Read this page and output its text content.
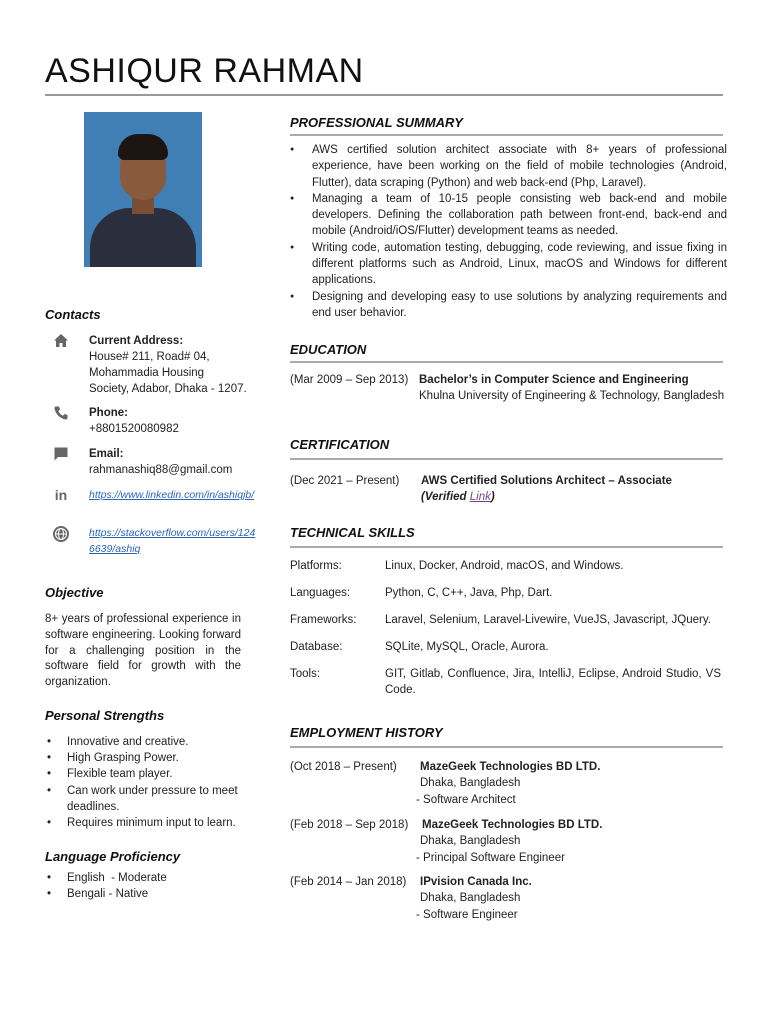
ASHIQUR RAHMAN
Contacts
Current Address:
House# 211, Road# 04,
Mohammadia Housing
Society, Adabor, Dhaka - 1207.
Phone:
+8801520080982
Email:
rahmanashiq88@gmail.com
in	https://www.linkedin.com/in/ashiqjb/
https://stackoverflow.com/users/1246639/ashiq
Objective
8+ years of professional experience in software engineering. Looking forward for a challenging position in the software field for growth with the organization.
Personal Strengths
• Innovative and creative.
• High Grasping Power.
• Flexible team player.
• Can work under pressure to meet deadlines.
• Requires minimum input to learn.
Language Proficiency
• English  - Moderate
• Bengali - Native
PROFESSIONAL SUMMARY
● AWS certified solution architect associate with 8+ years of professional experience, have been working on the field of mobile technologies (Android, Flutter), data scraping (Python) and web back-end (Php, Laravel).
● Managing a team of 10-15 people consisting web back-end and mobile developers. Defining the collaboration path between front-end, back-end and mobile (Android/iOS/Flutter) development teams as needed.
● Writing code, automation testing, debugging, code reviewing, and issue fixing in different platforms such as Android, Linux, macOS and Windows for different applications.
● Designing and developing easy to use solutions by analyzing requirements and end user behavior.
EDUCATION
(Mar 2009 – Sep 2013) Bachelor’s in Computer Science and Engineering
Khulna University of Engineering & Technology, Bangladesh
CERTIFICATION
(Dec 2021 – Present)	AWS Certified Solutions Architect – Associate
(Verified Link)
TECHNICAL SKILLS
Platforms:	Linux, Docker, Android, macOS, and Windows.
Languages:	Python, C, C++, Java, Php, Dart.
Frameworks:	Laravel, Selenium, Laravel-Livewire, VueJS, Javascript, JQuery.
Database:	SQLite, MySQL, Oracle, Aurora.
Tools:	GIT, Gitlab, Confluence, Jira, IntelliJ, Eclipse, Android Studio, VS Code.
EMPLOYMENT HISTORY
(Oct 2018 – Present)	MazeGeek Technologies BD LTD.
Dhaka, Bangladesh
- Software Architect
(Feb 2018 – Sep 2018)	MazeGeek Technologies BD LTD.
Dhaka, Bangladesh
- Principal Software Engineer
(Feb 2014 – Jan 2018)	IPvision Canada Inc.
Dhaka, Bangladesh
- Software Engineer
